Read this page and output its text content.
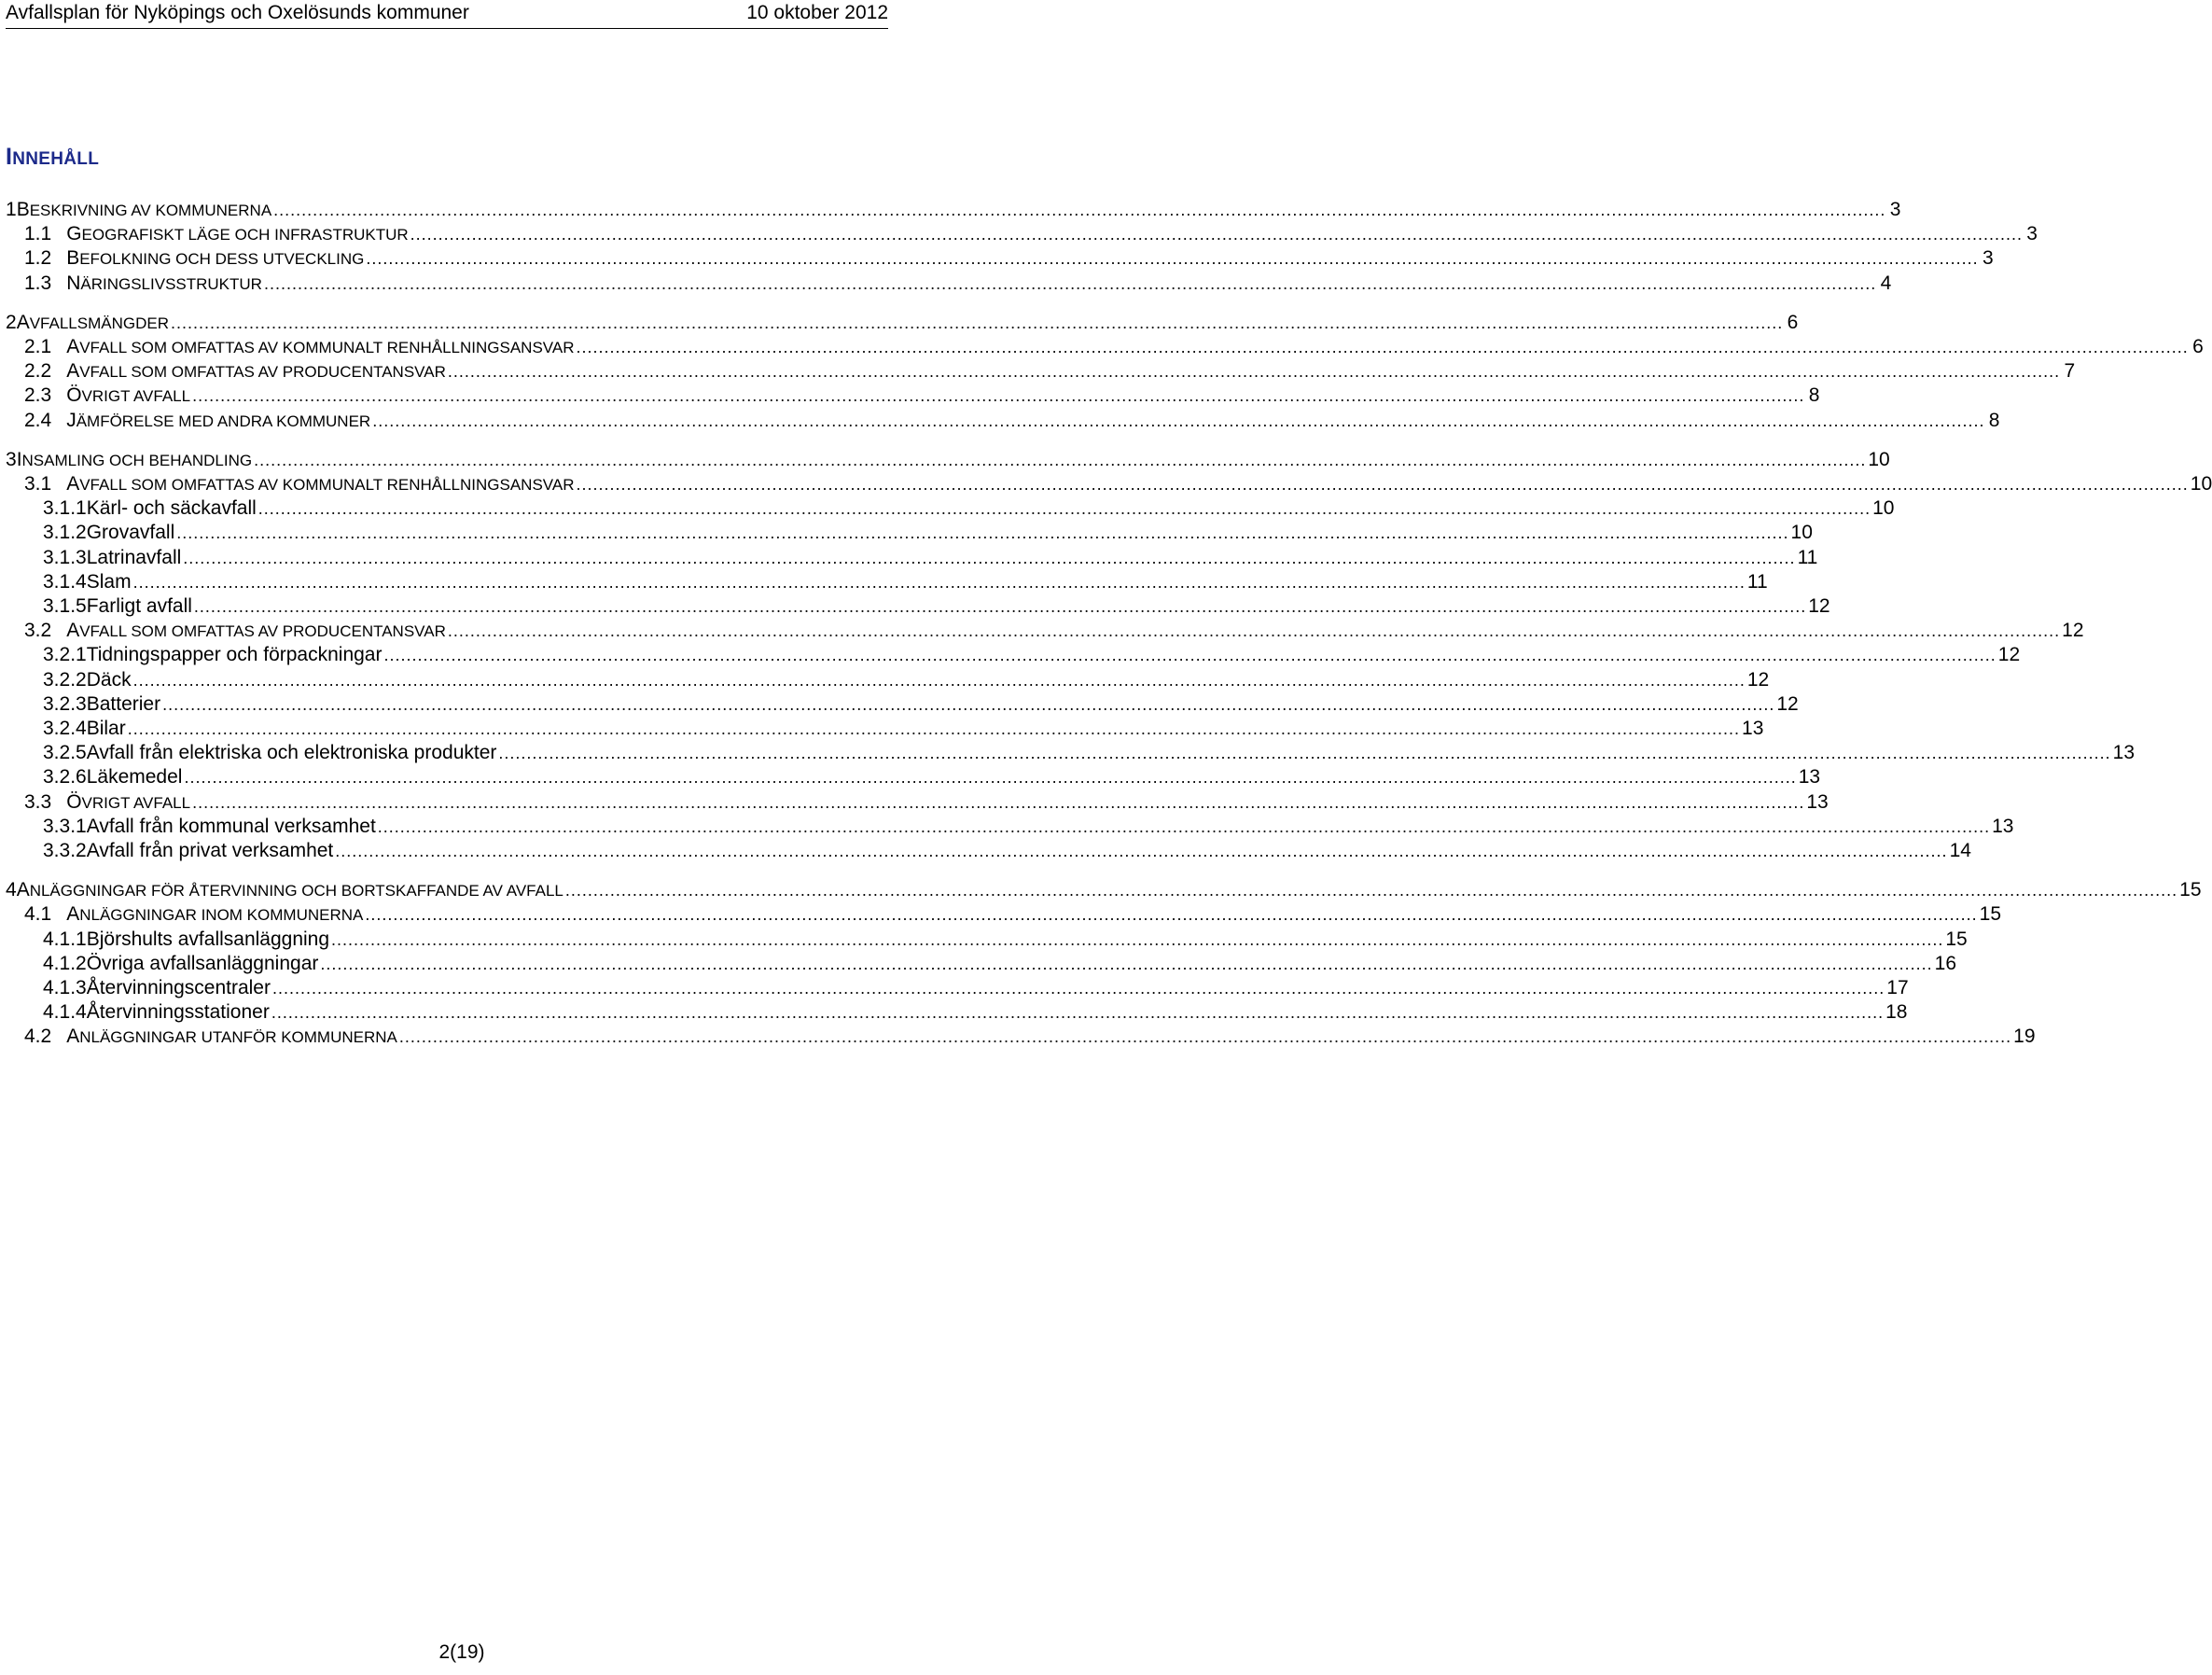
Avfallsplan för Nyköpings och Oxelösunds kommuner	10 oktober 2012
INNEHÅLL
1 BESKRIVNING AV KOMMUNERNA .....	3
1.1 GEOGRAFISKT LÄGE OCH INFRASTRUKTUR .....	3
1.2 BEFOLKNING OCH DESS UTVECKLING .....	3
1.3 NÄRINGSLIVSSTRUKTUR .....	4
2 AVFALLSMÄNGDER .....	6
2.1 AVFALL SOM OMFATTAS AV KOMMUNALT RENHÅLLNINGSANSVAR .....	6
2.2 AVFALL SOM OMFATTAS AV PRODUCENTANSVAR .....	7
2.3 ÖVRIGT AVFALL .....	8
2.4 JÄMFÖRELSE MED ANDRA KOMMUNER .....	8
3 INSAMLING OCH BEHANDLING .....	10
3.1 AVFALL SOM OMFATTAS AV KOMMUNALT RENHÅLLNINGSANSVAR .....	10
3.1.1 Kärl- och säckavfall .....	10
3.1.2 Grovavfall .....	10
3.1.3 Latrinavfall .....	11
3.1.4 Slam .....	11
3.1.5 Farligt avfall .....	12
3.2 AVFALL SOM OMFATTAS AV PRODUCENTANSVAR .....	12
3.2.1 Tidningspapper och förpackningar .....	12
3.2.2 Däck .....	12
3.2.3 Batterier .....	12
3.2.4 Bilar .....	13
3.2.5 Avfall från elektriska och elektroniska produkter .....	13
3.2.6 Läkemedel .....	13
3.3 ÖVRIGT AVFALL .....	13
3.3.1 Avfall från kommunal verksamhet .....	13
3.3.2 Avfall från privat verksamhet .....	14
4 ANLÄGGNINGAR FÖR ÅTERVINNING OCH BORTSKAFFANDE AV AVFALL .....	15
4.1 ANLÄGGNINGAR INOM KOMMUNERNA .....	15
4.1.1 Björshults avfallsanläggning .....	15
4.1.2 Övriga avfallsanläggningar .....	16
4.1.3 Återvinningscentraler .....	17
4.1.4 Återvinningsstationer .....	18
4.2 ANLÄGGNINGAR UTANFÖR KOMMUNERNA .....	19
2(19)
